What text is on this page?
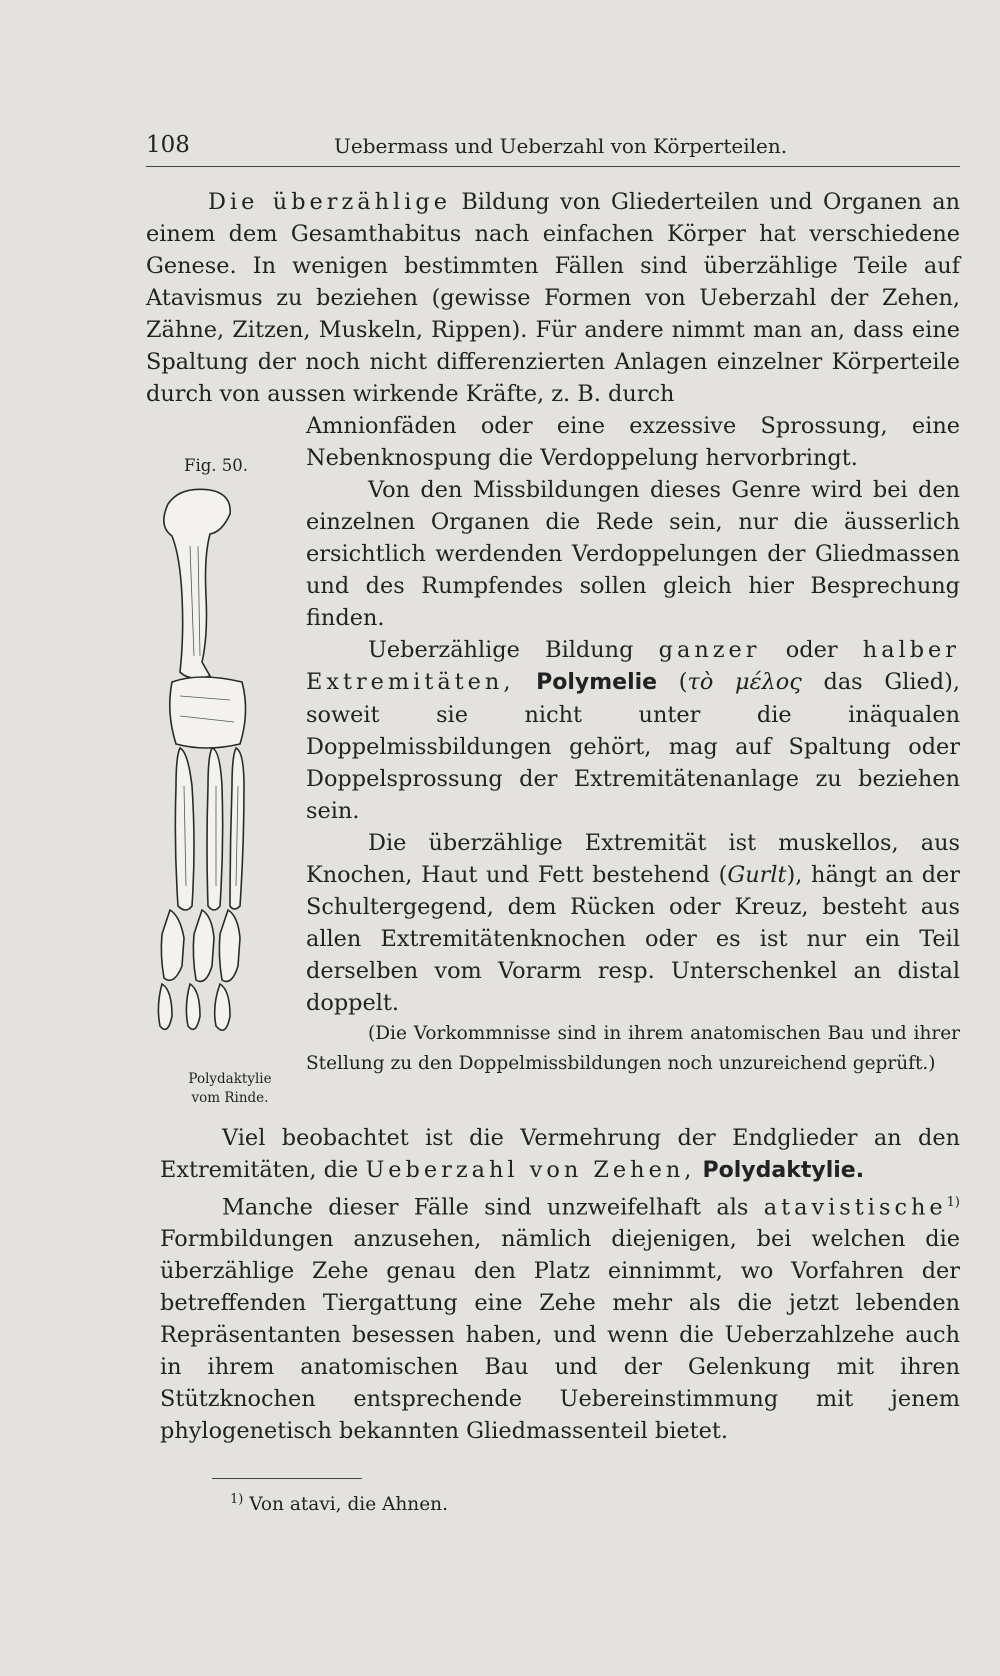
108	Uebermass und Ueberzahl von Körperteilen.

Die überzählige Bildung von Gliederteilen und Organen an einem dem Gesamthabitus nach einfachen Körper hat verschiedene Genese. In wenigen bestimmten Fällen sind überzählige Teile auf Atavismus zu beziehen (gewisse Formen von Ueberzahl der Zehen, Zähne, Zitzen, Muskeln, Rippen). Für andere nimmt man an, dass eine Spaltung der noch nicht differenzierten Anlagen einzelner Körperteile durch von aussen wirkende Kräfte, z. B. durch

Amnionfäden oder eine exzessive Sprossung, eine Nebenknospung die Verdoppelung hervorbringt.

Von den Missbildungen dieses Genre wird bei den einzelnen Organen die Rede sein, nur die äusserlich ersichtlich werdenden Verdoppelungen der Gliedmassen und des Rumpfendes sollen gleich hier Besprechung finden.

Ueberzählige Bildung ganzer oder halber Extremitäten, Polymelie (τὸ μέλος das Glied), soweit sie nicht unter die inäqualen Doppelmissbildungen gehört, mag auf Spaltung oder Doppelsprossung der Extremitätenanlage zu beziehen sein.

Die überzählige Extremität ist muskellos, aus Knochen, Haut und Fett bestehend (Gurlt), hängt an der Schultergegend, dem Rücken oder Kreuz, besteht aus allen Extremitätenknochen oder es ist nur ein Teil derselben vom Vorarm resp. Unterschenkel an distal doppelt.

(Die Vorkommnisse sind in ihrem anatomischen Bau und ihrer Stellung zu den Doppelmissbildungen noch unzureichend geprüft.)

Viel beobachtet ist die Vermehrung der Endglieder an den Extremitäten, die Ueberzahl von Zehen, Polydaktylie.

Manche dieser Fälle sind unzweifelhaft als atavistische$^{1)}$ Formbildungen anzusehen, nämlich diejenigen, bei welchen die überzählige Zehe genau den Platz einnimmt, wo Vorfahren der betreffenden Tiergattung eine Zehe mehr als die jetzt lebenden Repräsentanten besessen haben, und wenn die Ueberzahlzehe auch in ihrem anatomischen Bau und der Gelenkung mit ihren Stützknochen entsprechende Uebereinstimmung mit jenem phylogenetisch bekannten Gliedmassenteil bietet.

Fig. 50.
Polydaktylie
vom Rinde.
$^{1)}$ Von atavi, die Ahnen.
